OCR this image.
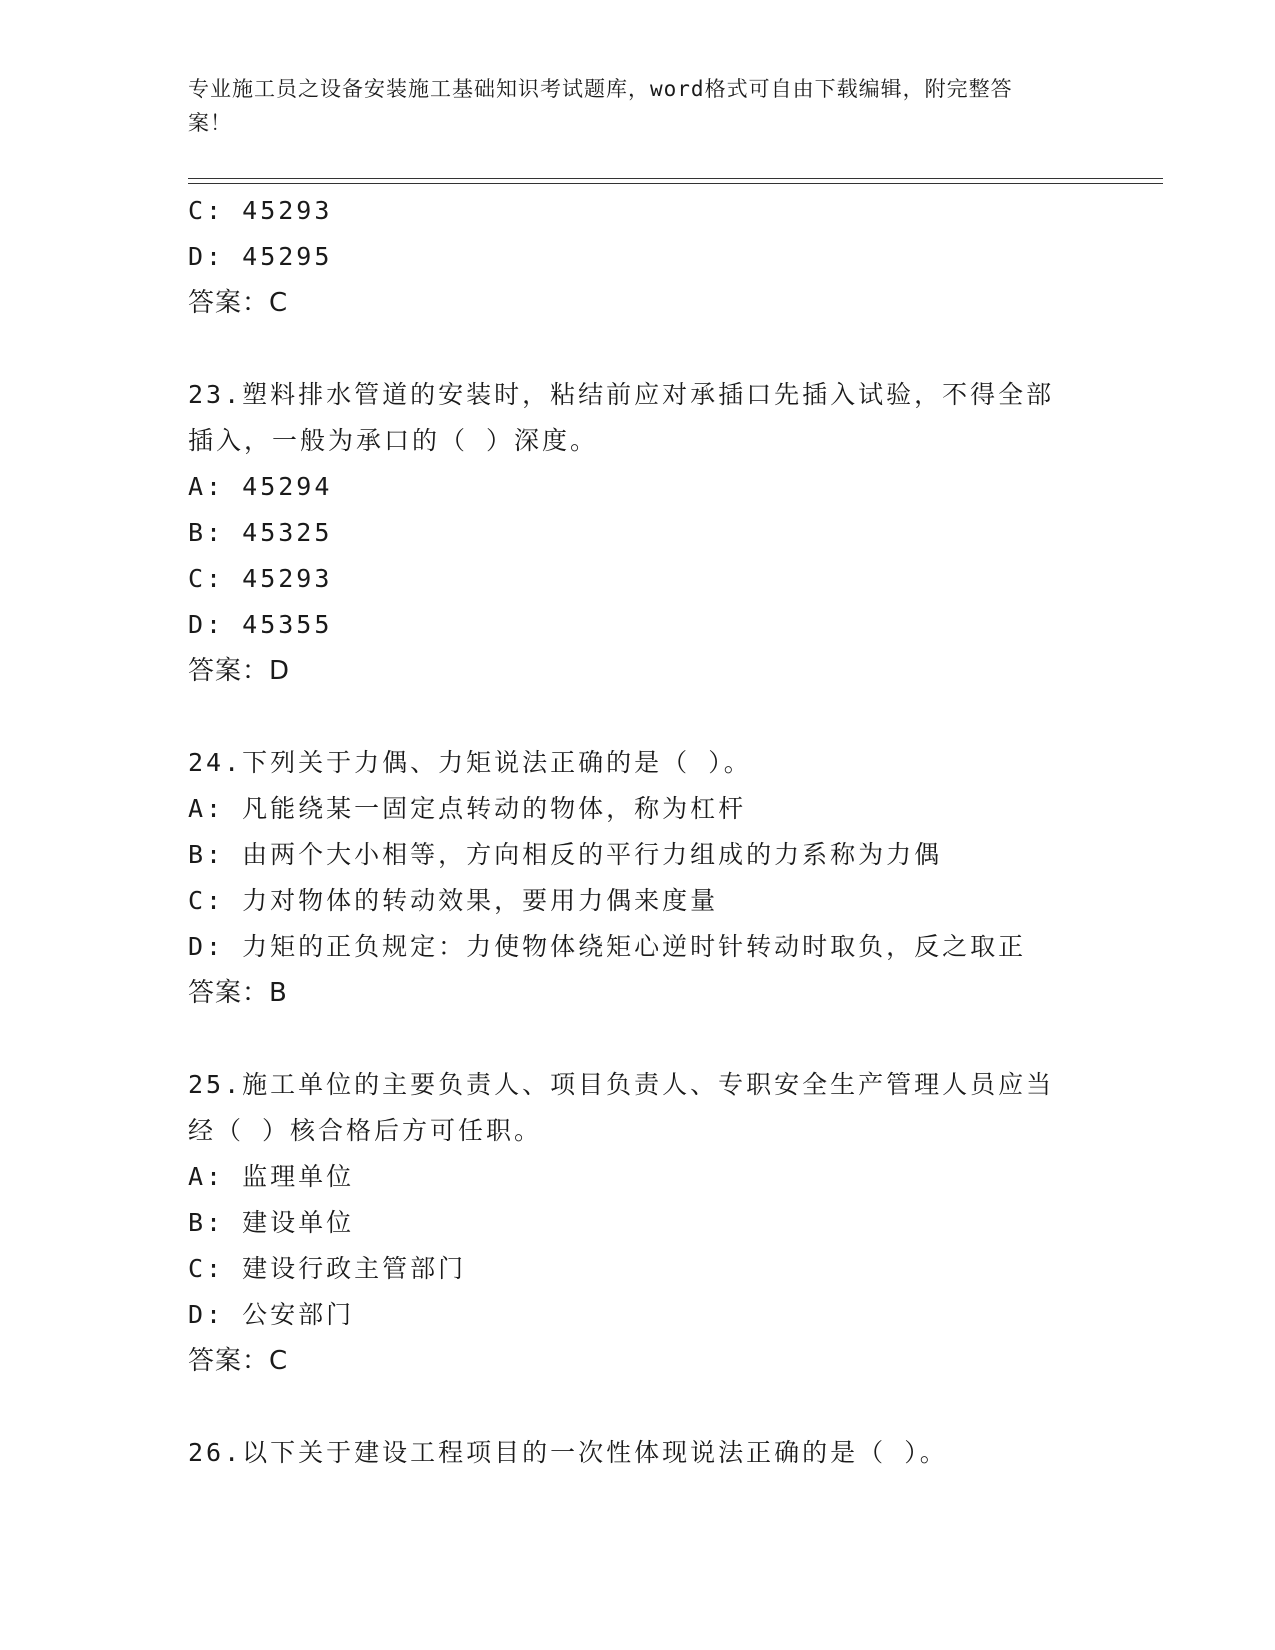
专业施工员之设备安装施工基础知识考试题库，word格式可自由下载编辑，附完整答案！
C: 45293
D: 45295
答案：C
23.塑料排水管道的安装时，粘结前应对承插口先插入试验，不得全部
插入，一般为承口的（ ）深度。
A: 45294
B: 45325
C: 45293
D: 45355
答案：D
24.下列关于力偶、力矩说法正确的是（ ）。
A: 凡能绕某一固定点转动的物体，称为杠杆
B: 由两个大小相等，方向相反的平行力组成的力系称为力偶
C: 力对物体的转动效果，要用力偶来度量
D: 力矩的正负规定：力使物体绕矩心逆时针转动时取负，反之取正
答案：B
25.施工单位的主要负责人、项目负责人、专职安全生产管理人员应当
经（ ）核合格后方可任职。
A: 监理单位
B: 建设单位
C: 建设行政主管部门
D: 公安部门
答案：C
26.以下关于建设工程项目的一次性体现说法正确的是（ ）。
